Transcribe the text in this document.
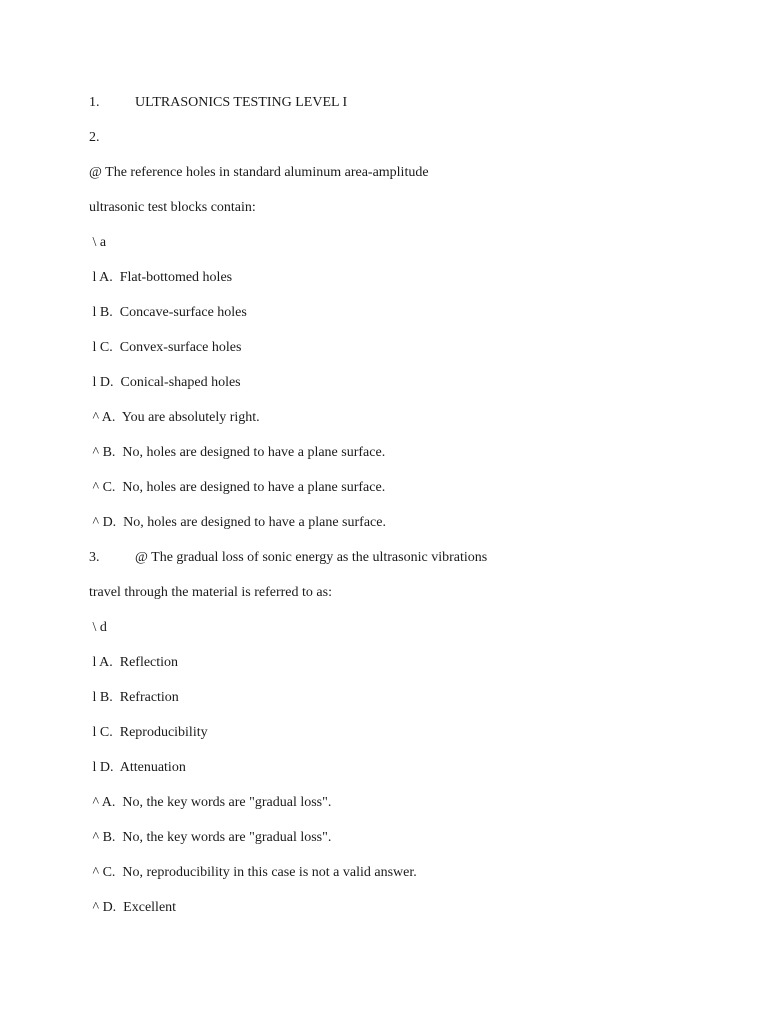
1.	ULTRASONICS TESTING LEVEL I
2.
@ The reference holes in standard aluminum area-amplitude
ultrasonic test blocks contain:
\ a
l A.  Flat-bottomed holes
l B.  Concave-surface holes
l C.  Convex-surface holes
l D.  Conical-shaped holes
^ A.  You are absolutely right.
^ B.  No, holes are designed to have a plane surface.
^ C.  No, holes are designed to have a plane surface.
^ D.  No, holes are designed to have a plane surface.
3.	@ The gradual loss of sonic energy as the ultrasonic vibrations
travel through the material is referred to as:
\ d
l A.  Reflection
l B.  Refraction
l C.  Reproducibility
l D.  Attenuation
^ A.  No, the key words are "gradual loss".
^ B.  No, the key words are "gradual loss".
^ C.  No, reproducibility in this case is not a valid answer.
^ D.  Excellent
